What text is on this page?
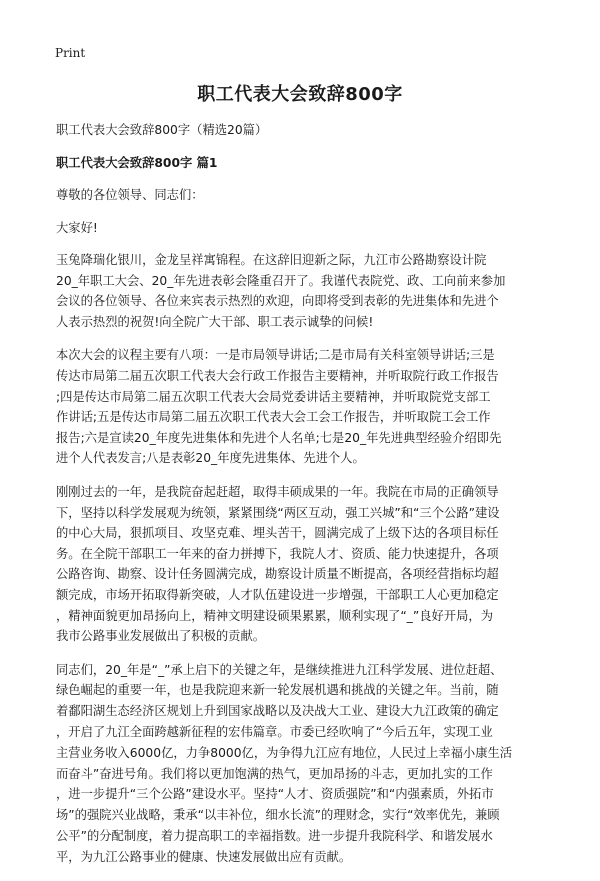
Print
职工代表大会致辞800字

职工代表大会致辞800字（精选20篇）

职工代表大会致辞800字 篇1

尊敬的各位领导、同志们：

大家好!

玉兔降瑞化银川，金龙呈祥寓锦程。在这辞旧迎新之际，九江市公路勘察设计院

20_年职工大会、20_年先进表彰会隆重召开了。我谨代表院党、政、工向前来参加

会议的各位领导、各位来宾表示热烈的欢迎，向即将受到表彰的先进集体和先进个

人表示热烈的祝贺!向全院广大干部、职工表示诚挚的问候!

本次大会的议程主要有八项：一是市局领导讲话;二是市局有关科室领导讲话;三是

传达市局第二届五次职工代表大会行政工作报告主要精神，并听取院行政工作报告

;四是传达市局第二届五次职工代表大会局党委讲话主要精神，并听取院党支部工

作讲话;五是传达市局第二届五次职工代表大会工会工作报告，并听取院工会工作

报告;六是宣读20_年度先进集体和先进个人名单;七是20_年先进典型经验介绍即先

进个人代表发言;八是表彰20_年度先进集体、先进个人。

刚刚过去的一年，是我院奋起赶超，取得丰硕成果的一年。我院在市局的正确领导

下，坚持以科学发展观为统领，紧紧围绕“两区互动，强工兴城”和“三个公路”建设

的中心大局，狠抓项目、攻坚克难、埋头苦干，圆满完成了上级下达的各项目标任

务。在全院干部职工一年来的奋力拼搏下，我院人才、资质、能力快速提升，各项

公路咨询、勘察、设计任务圆满完成，勘察设计质量不断提高，各项经营指标均超

额完成，市场开拓取得新突破，人才队伍建设进一步增强，干部职工人心更加稳定

，精神面貌更加昂扬向上，精神文明建设硕果累累，顺利实现了“_”良好开局，为

我市公路事业发展做出了积极的贡献。

同志们，20_年是“_”承上启下的关键之年，是继续推进九江科学发展、进位赶超、

绿色崛起的重要一年，也是我院迎来新一轮发展机遇和挑战的关键之年。当前，随

着鄱阳湖生态经济区规划上升到国家战略以及决战大工业、建设大九江政策的确定

，开启了九江全面跨越新征程的宏伟篇章。市委已经吹响了“今后五年，实现工业

主营业务收入6000亿，力争8000亿，为争得九江应有地位，人民过上幸福小康生活

而奋斗”奋进号角。我们将以更加饱满的热气，更加昂扬的斗志，更加扎实的工作

，进一步提升“三个公路”建设水平。坚持“人才、资质强院”和“内强素质，外拓市

场”的强院兴业战略，秉承“以丰补位，细水长流”的理财念，实行“效率优先，兼顾

公平”的分配制度，着力提高职工的幸福指数。进一步提升我院科学、和谐发展水

平，为九江公路事业的健康、快速发展做出应有贡献。
